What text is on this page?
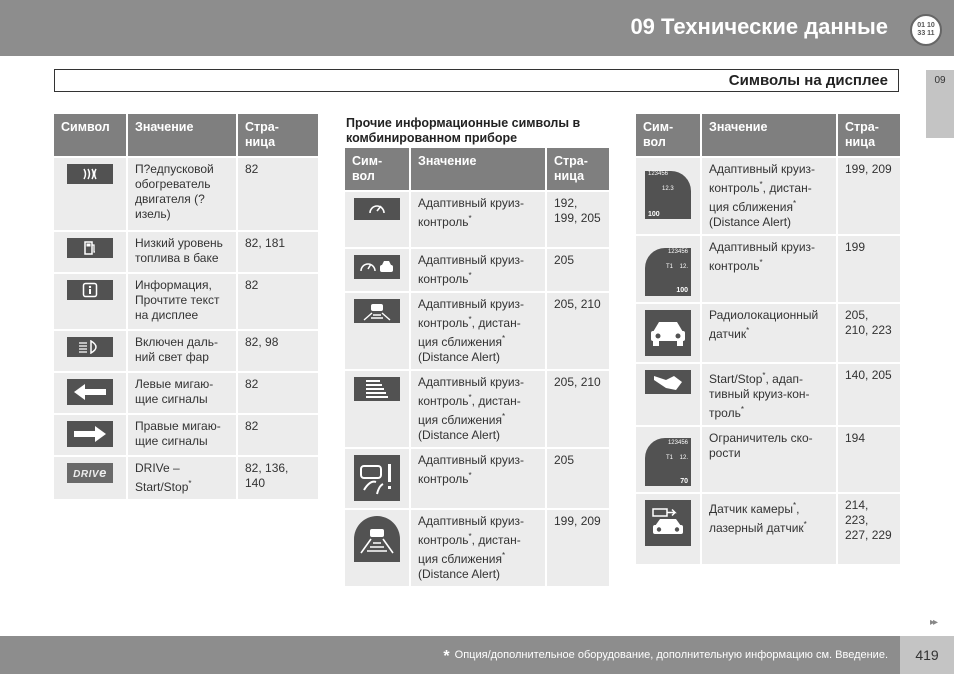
09 Технические данные	01 10
33 11
Символы на дисплее	09
Символ	Значение	Стра-
ница

	П?едпусковой обогреватель двигателя (?изель)	82

	Низкий уровень топлива в баке	82, 181

	Информация, Прочтите текст на дисплее	82

	Включен даль-ний свет фар	82, 98

	Левые мигаю-щие сигналы	82

	Правые мигаю-щие сигналы	82

DRIVe	DRIVe – Start/Stop*	82, 136, 140
Прочие информационные символы в комбинированном приборе
Сим-
вол	Значение	Стра-
ница

	Адаптивный круиз-контроль*	192, 199, 205

	Адаптивный круиз-контроль*	205

	Адаптивный круиз-контроль*, дистан-ция сближения* (Distance Alert)	205, 210

	Адаптивный круиз-контроль*, дистан-ция сближения* (Distance Alert)	205, 210

	Адаптивный круиз-контроль*	205

	Адаптивный круиз-контроль*, дистан-ция сближения* (Distance Alert)	199, 209
Сим-
вол	Значение	Стра-
ница

123456
12.3
100	Адаптивный круиз-контроль*, дистан-ция сближения* (Distance Alert)	199, 209

123456
T1    12.
100	Адаптивный круиз-контроль*	199

	Радиолокационный датчик*	205, 210, 223

	Start/Stop*, адап-тивный круиз-кон-троль*	140, 205

123456
T1    12.
70	Ограничитель ско-рости	194

	Датчик камеры*, лазерный датчик*	214, 223, 227, 229
▸▸
* Опция/дополнительное оборудование, дополнительную информацию см. Введение.	419
